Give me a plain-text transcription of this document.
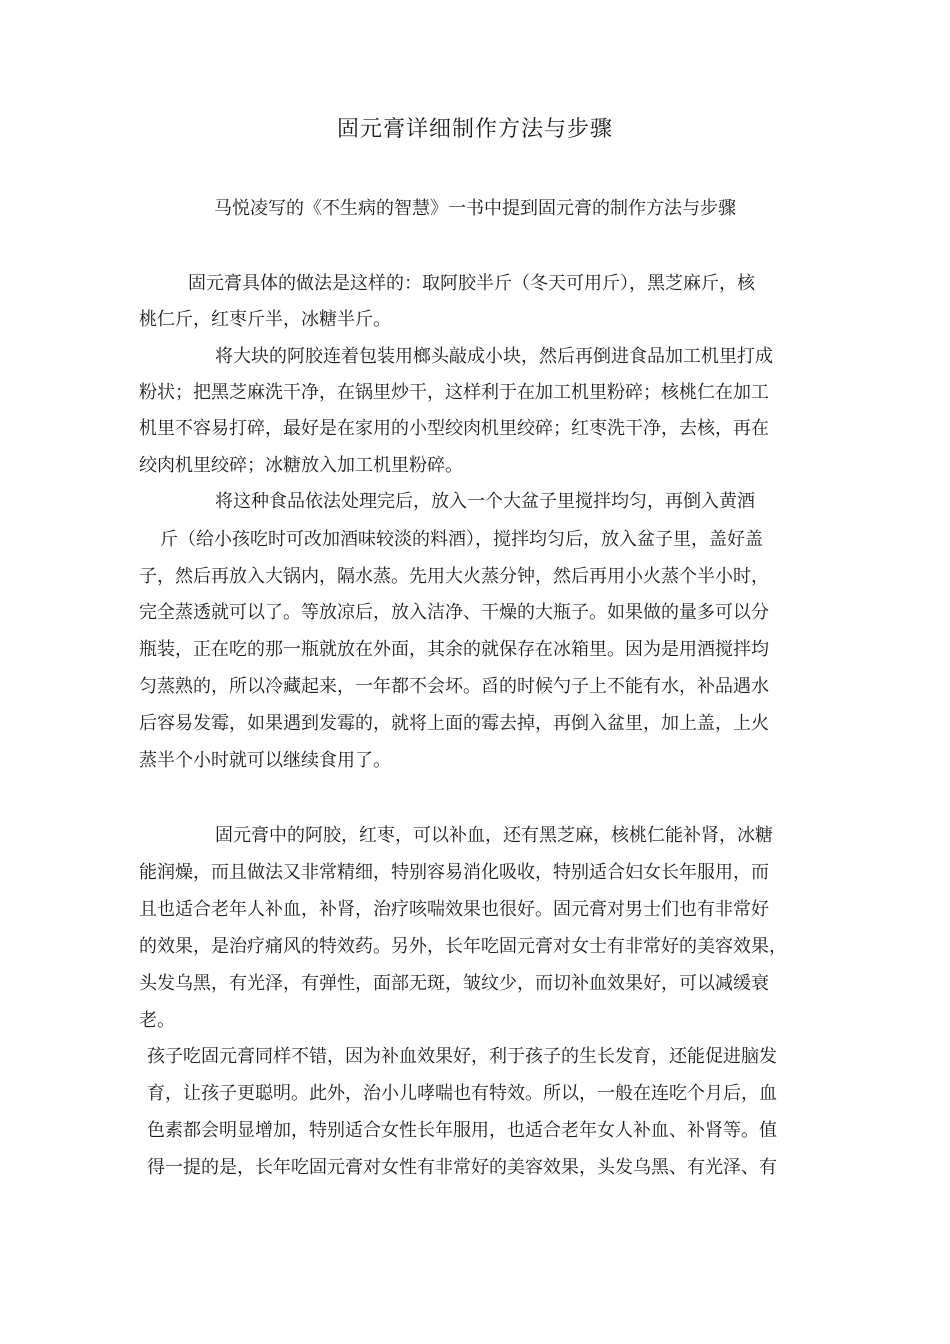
固元膏详细制作方法与步骤
马悦凌写的《不生病的智慧》一书中提到固元膏的制作方法与步骤

固元膏具体的做法是这样的：取阿胶半斤（冬天可用斤），黑芝麻斤，核

桃仁斤，红枣斤半，冰糖半斤。

将大块的阿胶连着包装用榔头敲成小块，然后再倒进食品加工机里打成

粉状；把黑芝麻洗干净，在锅里炒干，这样利于在加工机里粉碎；核桃仁在加工

机里不容易打碎，最好是在家用的小型绞肉机里绞碎；红枣洗干净，去核，再在

绞肉机里绞碎；冰糖放入加工机里粉碎。

将这种食品依法处理完后，放入一个大盆子里搅拌均匀，再倒入黄酒

斤（给小孩吃时可改加酒味较淡的料酒），搅拌均匀后，放入盆子里，盖好盖

子，然后再放入大锅内，隔水蒸。先用大火蒸分钟，然后再用小火蒸个半小时，

完全蒸透就可以了。等放凉后，放入洁净、干燥的大瓶子。如果做的量多可以分

瓶装，正在吃的那一瓶就放在外面，其余的就保存在冰箱里。因为是用酒搅拌均

匀蒸熟的，所以冷藏起来，一年都不会坏。舀的时候勺子上不能有水，补品遇水

后容易发霉，如果遇到发霉的，就将上面的霉去掉，再倒入盆里，加上盖，上火

蒸半个小时就可以继续食用了。

固元膏中的阿胶，红枣，可以补血，还有黑芝麻，核桃仁能补肾，冰糖

能润燥，而且做法又非常精细，特别容易消化吸收，特别适合妇女长年服用，而

且也适合老年人补血，补肾，治疗咳喘效果也很好。固元膏对男士们也有非常好

的效果，是治疗痛风的特效药。另外，长年吃固元膏对女士有非常好的美容效果，

头发乌黑，有光泽，有弹性，面部无斑，皱纹少，而切补血效果好，可以减缓衰

老。

孩子吃固元膏同样不错，因为补血效果好，利于孩子的生长发育，还能促进脑发

育，让孩子更聪明。此外，治小儿哮喘也有特效。所以，一般在连吃个月后，血

色素都会明显增加，特别适合女性长年服用，也适合老年女人补血、补肾等。值

得一提的是，长年吃固元膏对女性有非常好的美容效果，头发乌黑、有光泽、有
